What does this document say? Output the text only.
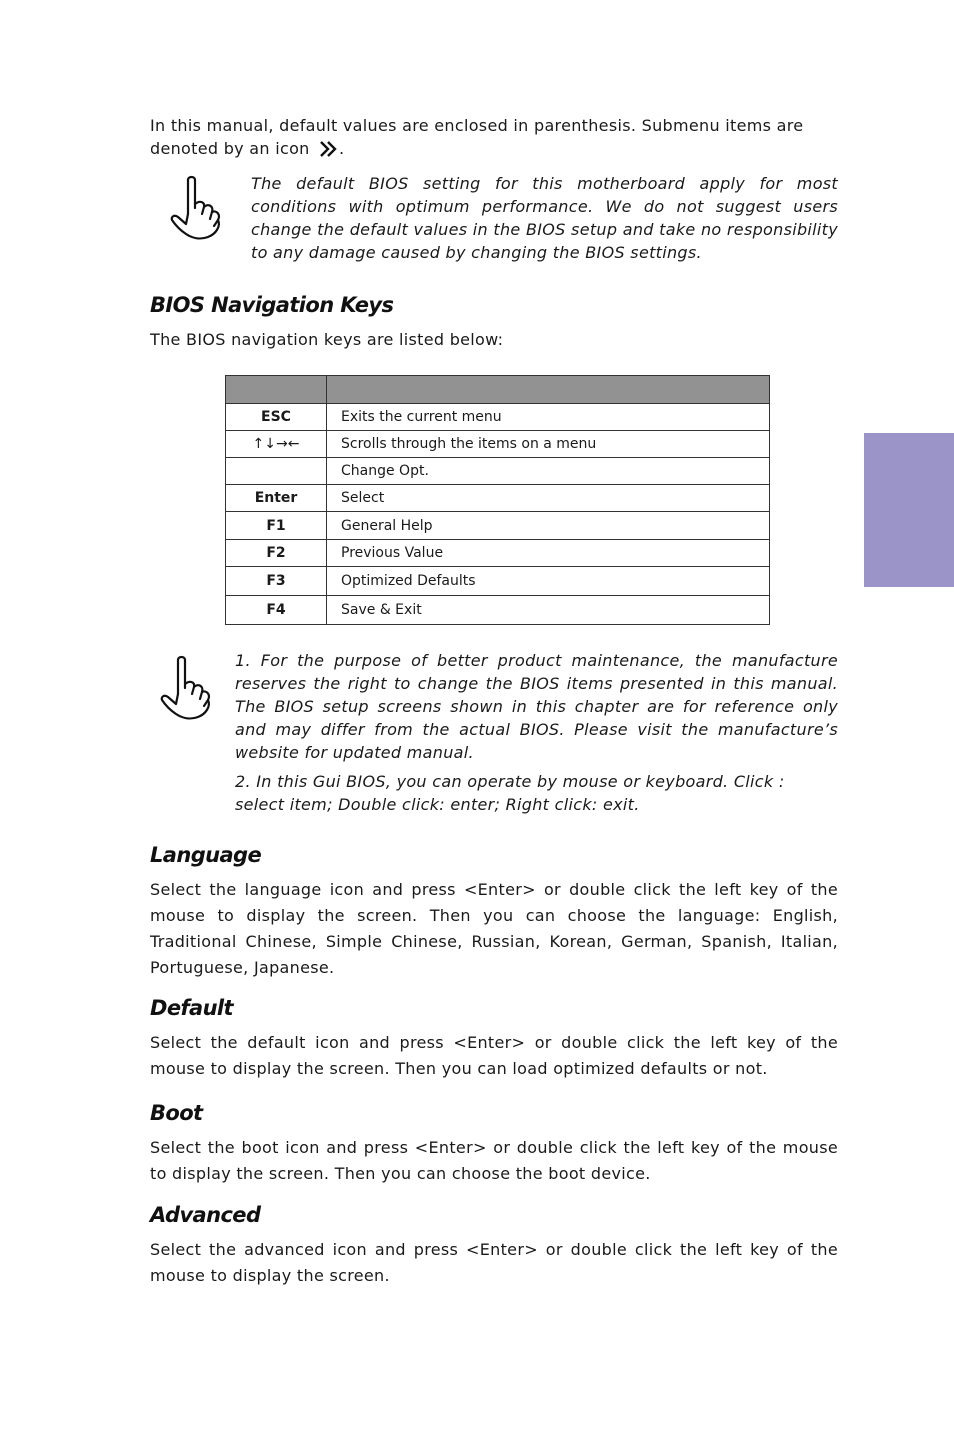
In this manual, default values are enclosed in parenthesis. Submenu items are
denoted by an icon .

The default BIOS setting for this motherboard apply for most conditions with optimum performance. We do not suggest users change the default values in the BIOS setup and take no responsibility to any damage caused by changing the BIOS settings.

BIOS Navigation Keys

The BIOS navigation keys are listed below:

ESC	Exits the current menu
↑↓→←	Scrolls through the items on a menu
	Change Opt.
Enter	Select
F1	General Help
F2	Previous Value
F3	Optimized Defaults
F4	Save & Exit

1. For the purpose of better product maintenance, the manufacture reserves the right to change the BIOS items presented in this manual. The BIOS setup screens shown in this chapter are for reference only and may differ from the actual BIOS. Please visit the manufacture’s website for updated manual.

2. In this Gui BIOS, you can operate by mouse or keyboard. Click : select item; Double click: enter; Right click: exit.

Language

Select the language icon and press <Enter> or double click the left key of the mouse to display the screen. Then you can choose the language: English, Traditional Chinese, Simple Chinese, Russian, Korean, German, Spanish, Italian, Portuguese, Japanese.

Default

Select the default icon and press <Enter> or double click the left key of the mouse to display the screen. Then you can load optimized defaults or not.

Boot

Select the boot icon and press <Enter> or double click the left key of the mouse to display the screen. Then you can choose the boot device.

Advanced

Select the advanced icon and press <Enter> or double click the left key of the mouse to display the screen.
